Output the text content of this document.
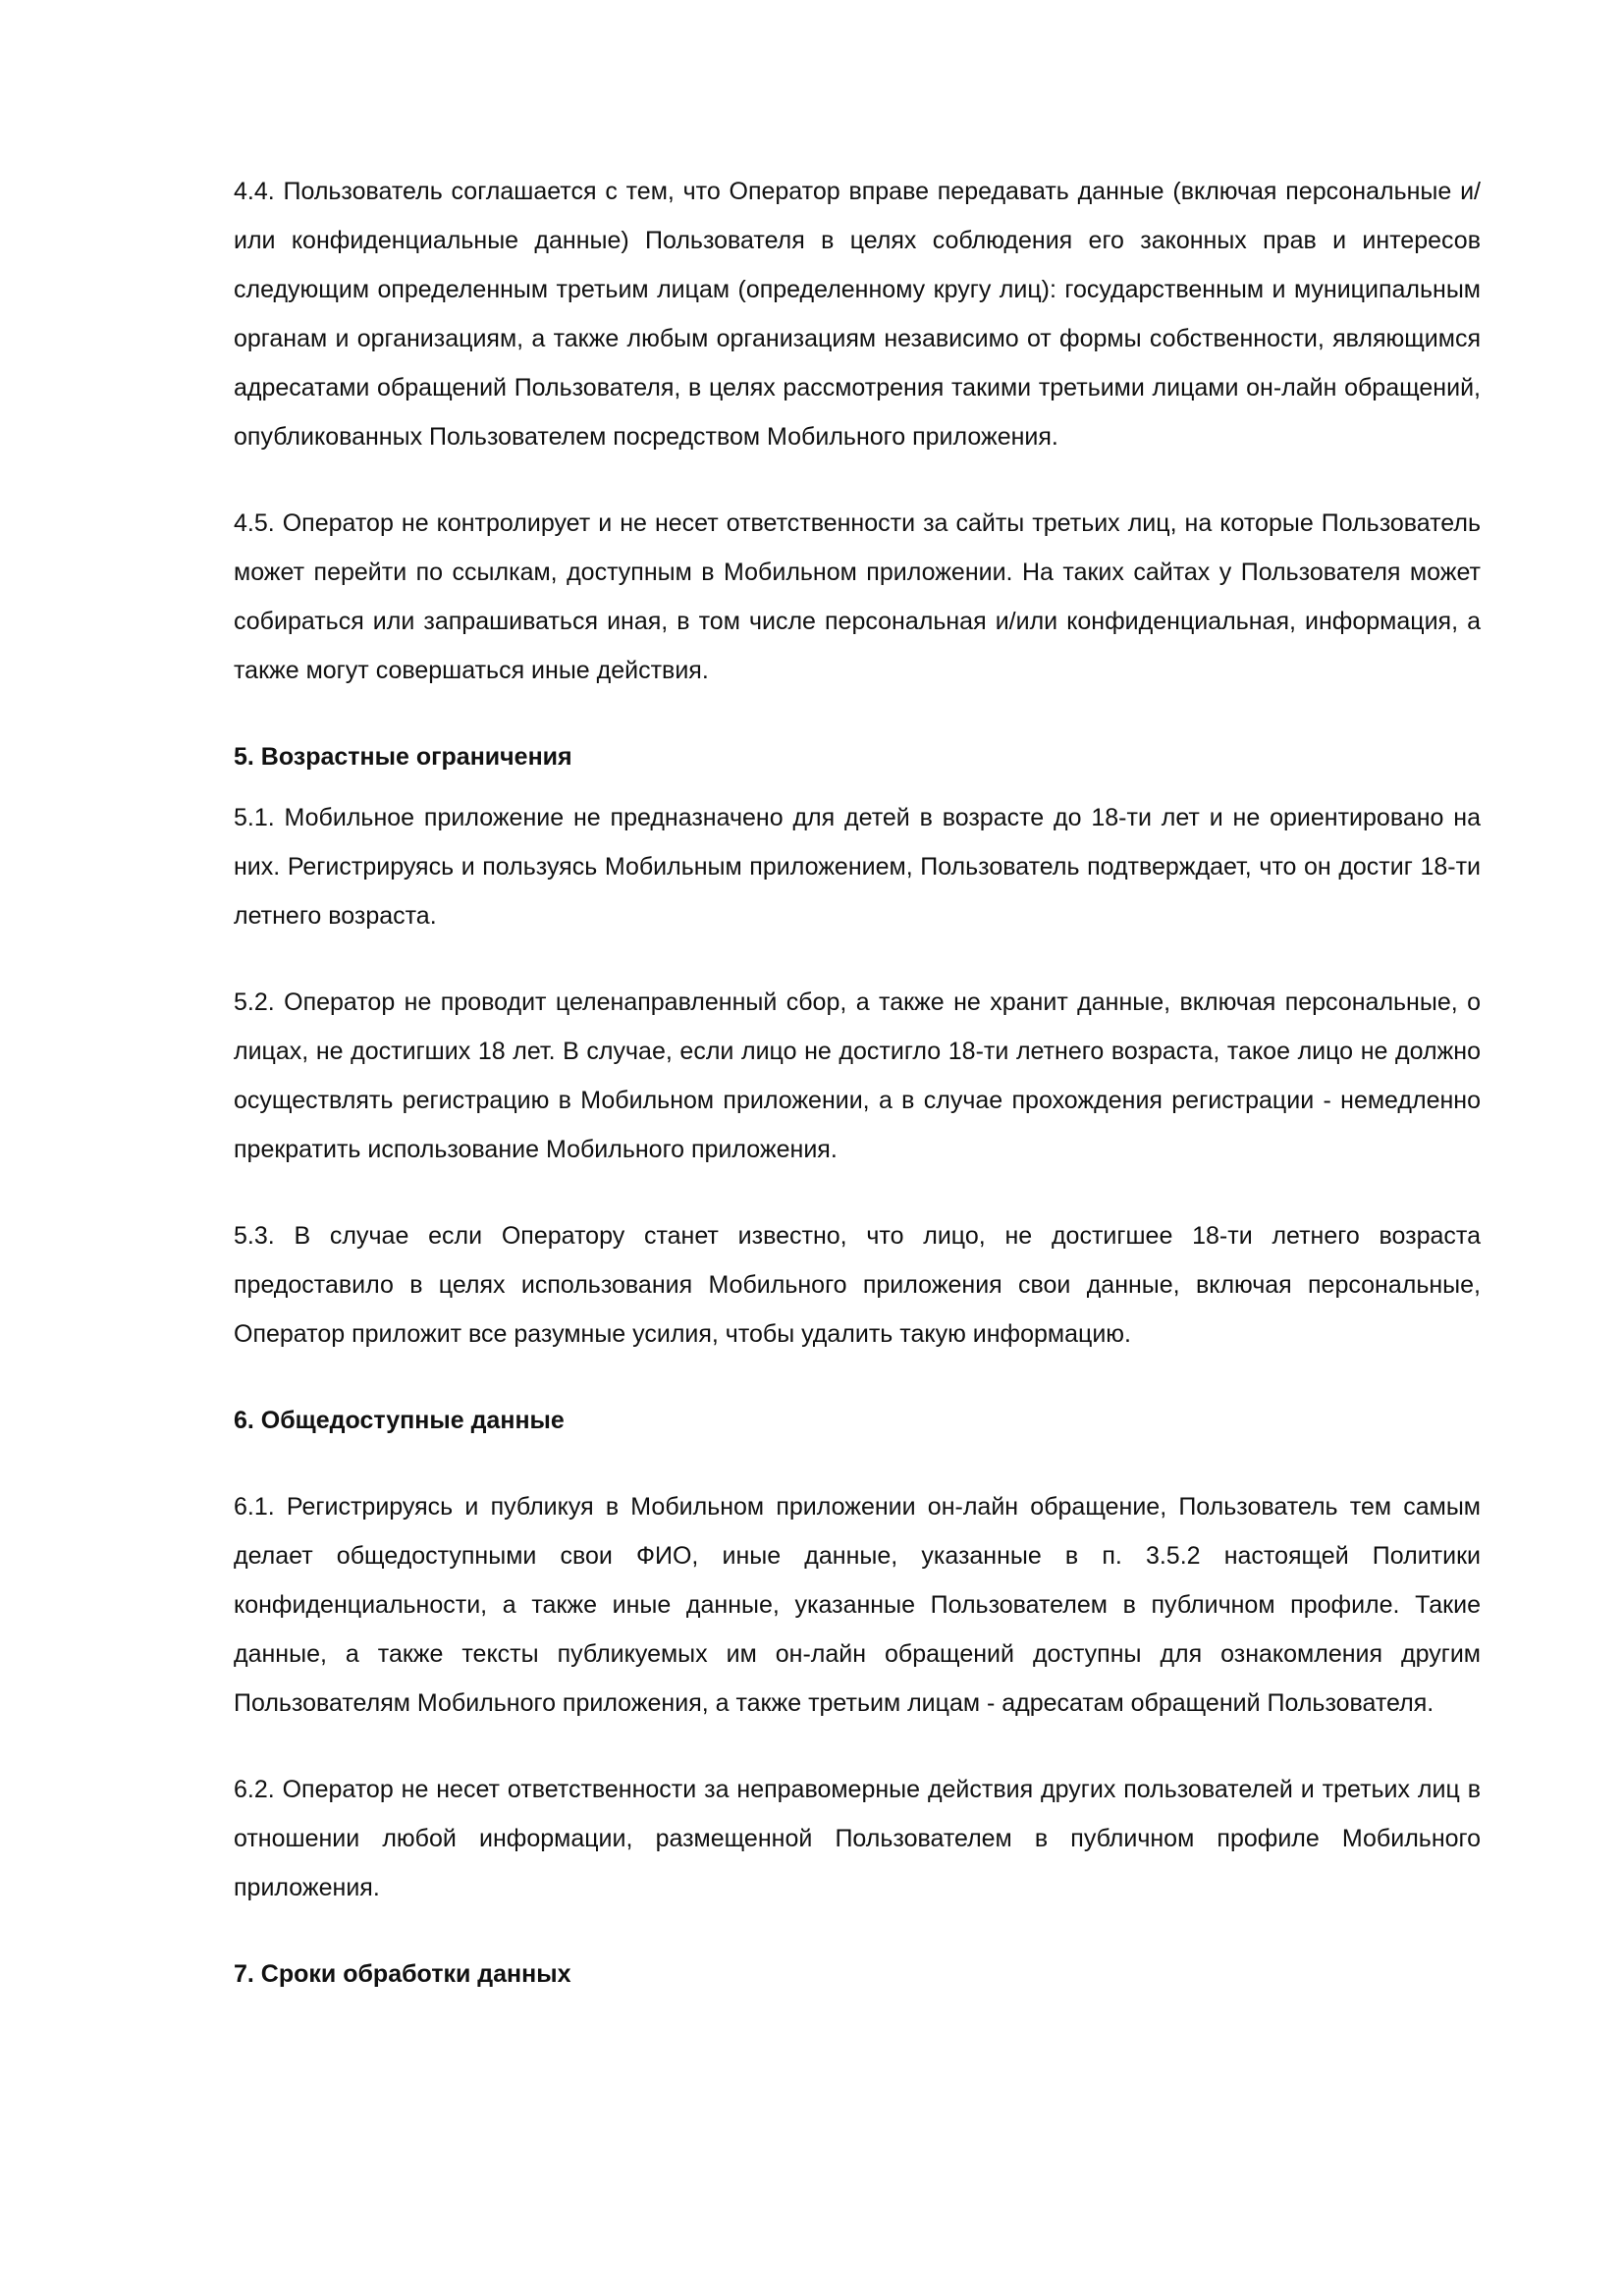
4.4. Пользователь соглашается с тем, что Оператор вправе передавать данные (включая персональные и/или конфиденциальные данные) Пользователя в целях соблюдения его законных прав и интересов следующим определенным третьим лицам (определенному кругу лиц): государственным и муниципальным органам и организациям, а также любым организациям независимо от формы собственности, являющимся адресатами обращений Пользователя, в целях рассмотрения такими третьими лицами он-лайн обращений, опубликованных Пользователем посредством Мобильного приложения.

4.5. Оператор не контролирует и не несет ответственности за сайты третьих лиц, на которые Пользователь может перейти по ссылкам, доступным в Мобильном приложении. На таких сайтах у Пользователя может собираться или запрашиваться иная, в том числе персональная и/или конфиденциальная, информация, а также могут совершаться иные действия.

5. Возрастные ограничения

5.1. Мобильное приложение не предназначено для детей в возрасте до 18-ти лет и не ориентировано на них. Регистрируясь и пользуясь Мобильным приложением, Пользователь подтверждает, что он достиг 18-ти летнего возраста.

5.2. Оператор не проводит целенаправленный сбор, а также не хранит данные, включая персональные, о лицах, не достигших 18 лет. В случае, если лицо не достигло 18-ти летнего возраста, такое лицо не должно осуществлять регистрацию в Мобильном приложении, а в случае прохождения регистрации - немедленно прекратить использование Мобильного приложения.

5.3. В случае если Оператору станет известно, что лицо, не достигшее 18-ти летнего возраста предоставило в целях использования Мобильного приложения свои данные, включая персональные, Оператор приложит все разумные усилия, чтобы удалить такую информацию.

6. Общедоступные данные

6.1. Регистрируясь и публикуя в Мобильном приложении он-лайн обращение, Пользователь тем самым делает общедоступными свои ФИО, иные данные, указанные в п. 3.5.2 настоящей Политики конфиденциальности, а также иные данные, указанные Пользователем в публичном профиле. Такие данные, а также тексты публикуемых им он-лайн обращений доступны для ознакомления другим Пользователям Мобильного приложения, а также третьим лицам - адресатам обращений Пользователя.

6.2. Оператор не несет ответственности за неправомерные действия других пользователей и третьих лиц в отношении любой информации, размещенной Пользователем в публичном профиле Мобильного приложения.

7. Сроки обработки данных
